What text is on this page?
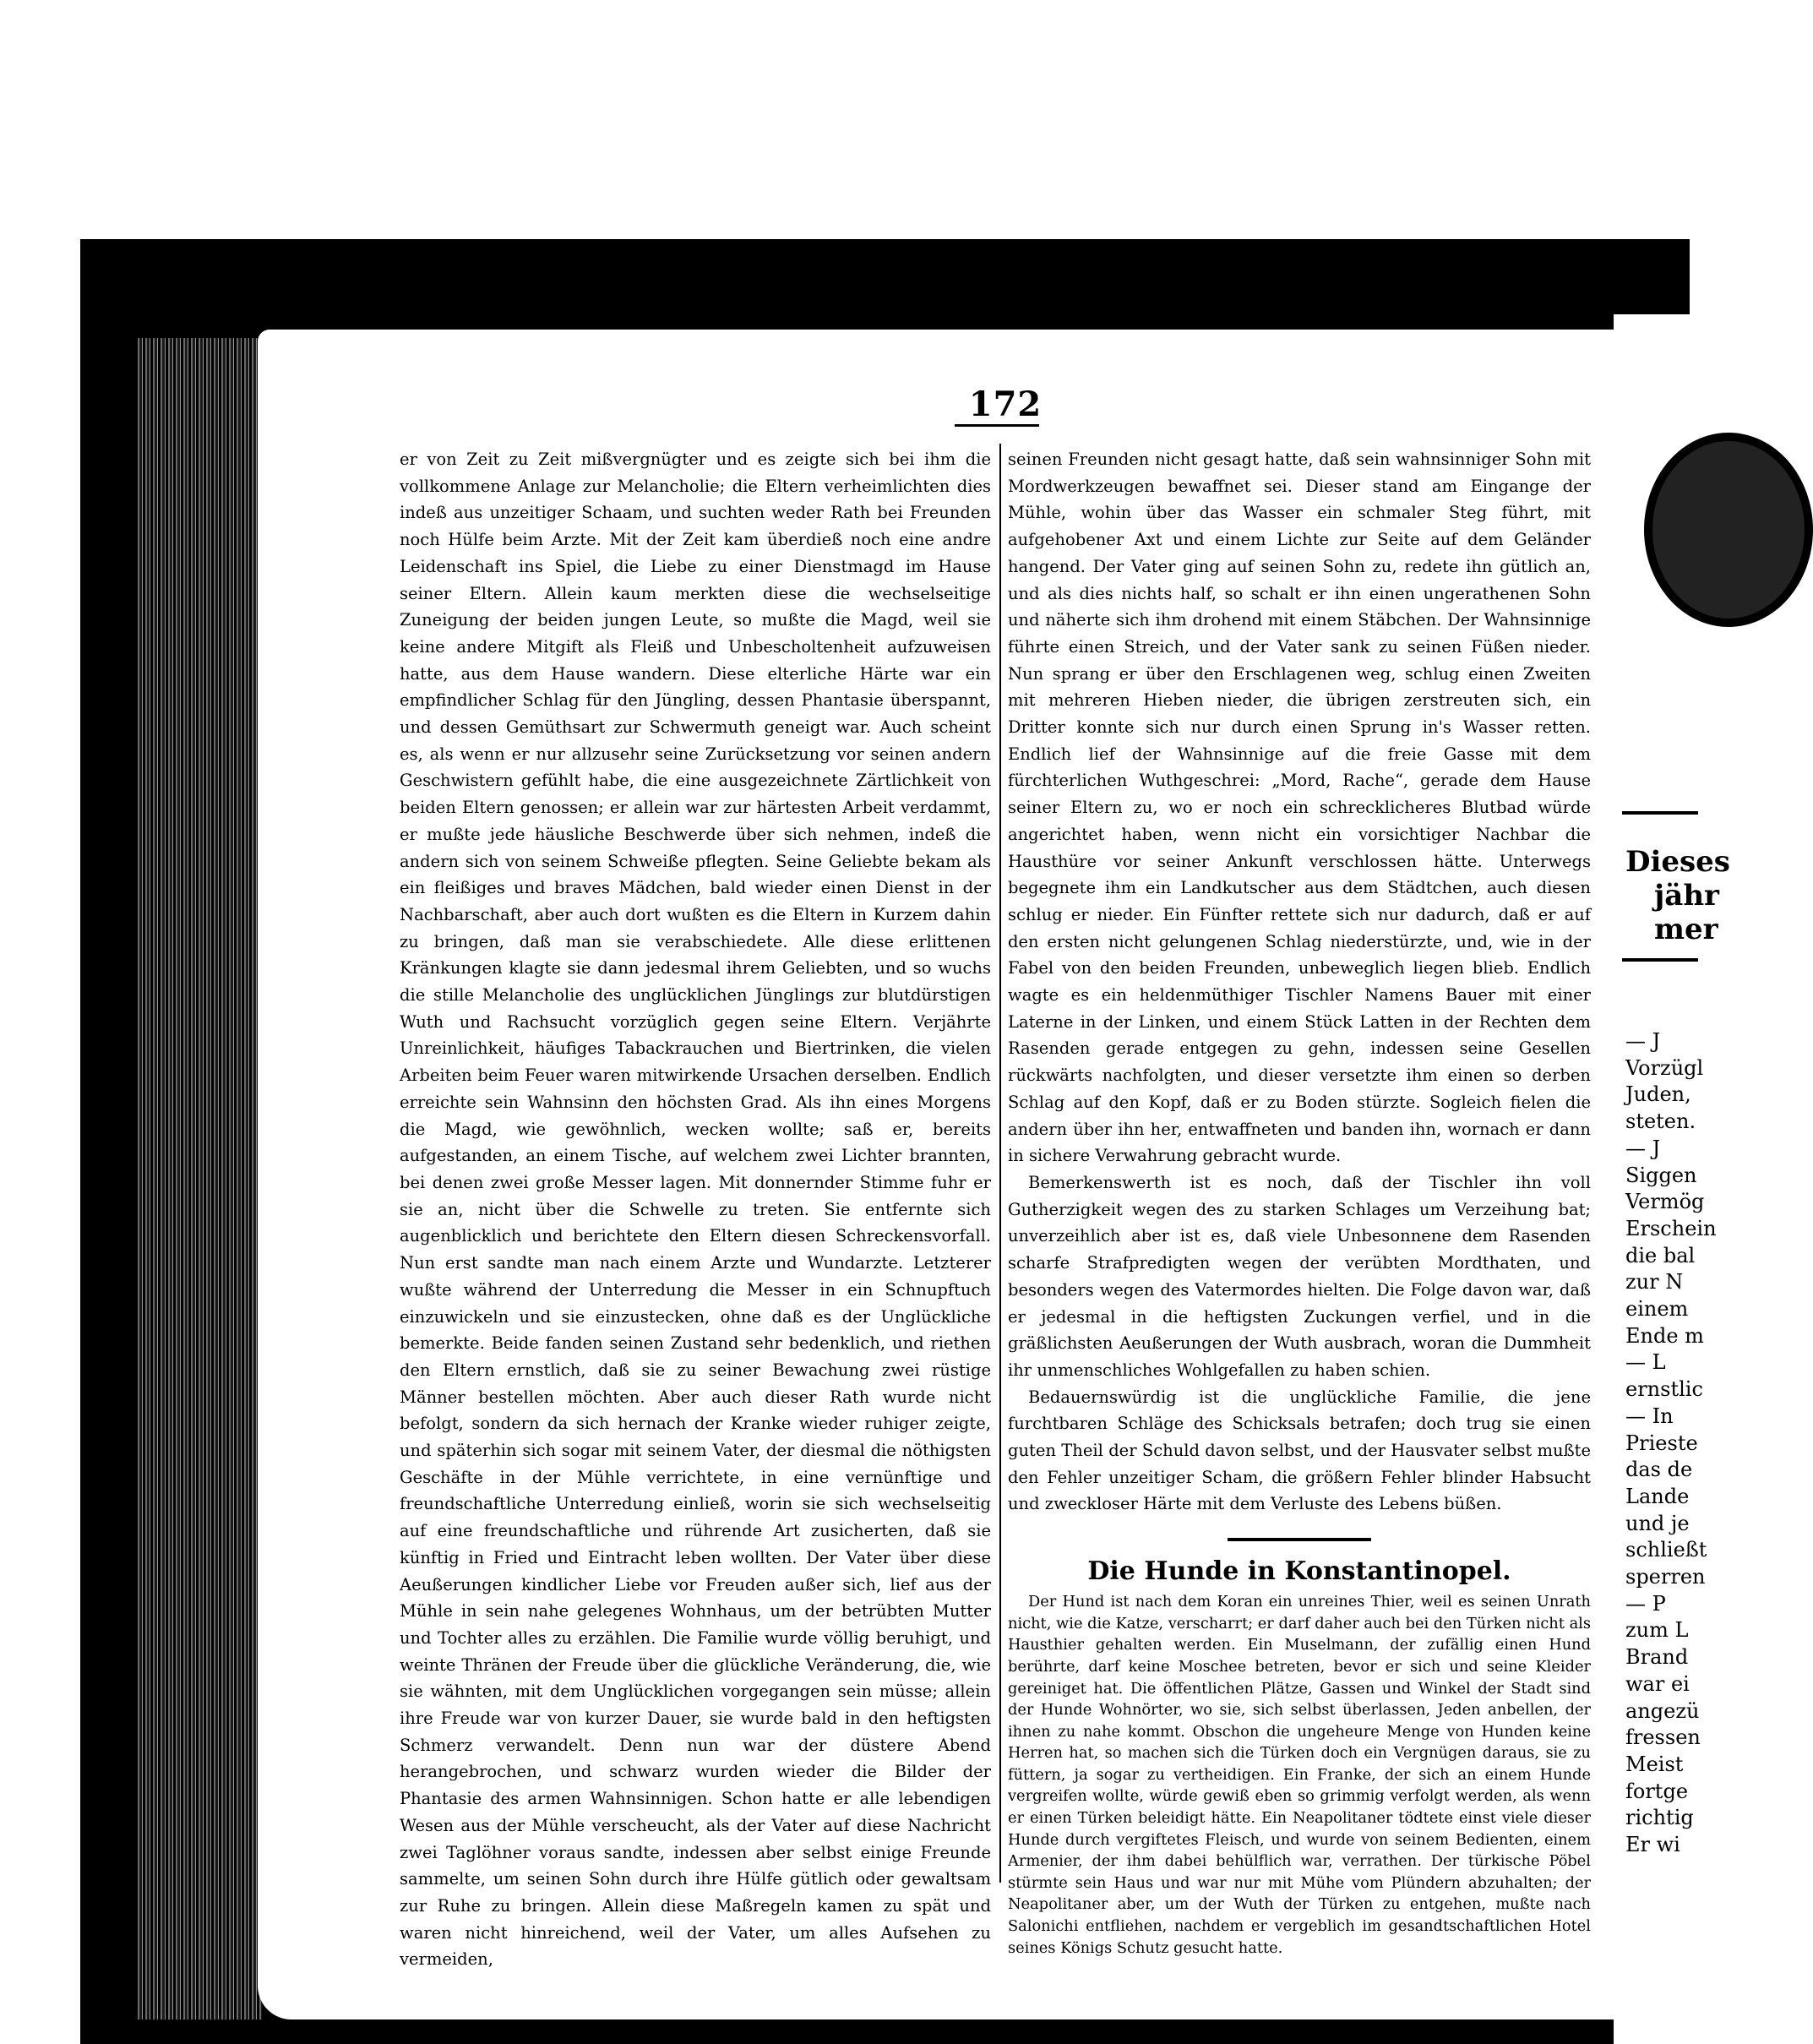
Dieses
jähr
mer
— J
Vorzügl
Juden,
steten.
— J
Siggen
Vermög
Erschein
die bal
zur N
einem
Ende m
— L
ernstlic
— In
Prieste
das de
Lande
und je
schließt
sperren
— P
zum L
Brand
war ei
angezü
fressen
Meist
fortge
richtig
Er wi
172

er von Zeit zu Zeit mißvergnügter und es zeigte sich bei ihm die vollkommene Anlage zur Melancholie; die Eltern verheimlichten dies indeß aus unzeitiger Schaam, und suchten weder Rath bei Freunden noch Hülfe beim Arzte. Mit der Zeit kam überdieß noch eine andre Leidenschaft ins Spiel, die Liebe zu einer Dienstmagd im Hause seiner Eltern. Allein kaum merkten diese die wechselseitige Zuneigung der beiden jungen Leute, so mußte die Magd, weil sie keine andere Mitgift als Fleiß und Unbescholtenheit aufzuweisen hatte, aus dem Hause wandern. Diese elterliche Härte war ein empfindlicher Schlag für den Jüngling, dessen Phantasie überspannt, und dessen Gemüthsart zur Schwermuth geneigt war. Auch scheint es, als wenn er nur allzusehr seine Zurücksetzung vor seinen andern Geschwistern gefühlt habe, die eine ausgezeichnete Zärtlichkeit von beiden Eltern genossen; er allein war zur härtesten Arbeit verdammt, er mußte jede häusliche Beschwerde über sich nehmen, indeß die andern sich von seinem Schweiße pflegten. Seine Geliebte bekam als ein fleißiges und braves Mädchen, bald wieder einen Dienst in der Nachbarschaft, aber auch dort wußten es die Eltern in Kurzem dahin zu bringen, daß man sie verabschiedete. Alle diese erlittenen Kränkungen klagte sie dann jedesmal ihrem Geliebten, und so wuchs die stille Melancholie des unglücklichen Jünglings zur blutdürstigen Wuth und Rachsucht vorzüglich gegen seine Eltern. Verjährte Unreinlichkeit, häufiges Tabackrauchen und Biertrinken, die vielen Arbeiten beim Feuer waren mitwirkende Ursachen derselben. Endlich erreichte sein Wahnsinn den höchsten Grad. Als ihn eines Morgens die Magd, wie gewöhnlich, wecken wollte; saß er, bereits aufgestanden, an einem Tische, auf welchem zwei Lichter brannten, bei denen zwei große Messer lagen. Mit donnernder Stimme fuhr er sie an, nicht über die Schwelle zu treten. Sie entfernte sich augenblicklich und berichtete den Eltern diesen Schreckensvorfall. Nun erst sandte man nach einem Arzte und Wundarzte. Letzterer wußte während der Unterredung die Messer in ein Schnupftuch einzuwickeln und sie einzustecken, ohne daß es der Unglückliche bemerkte. Beide fanden seinen Zustand sehr bedenklich, und riethen den Eltern ernstlich, daß sie zu seiner Bewachung zwei rüstige Männer bestellen möchten. Aber auch dieser Rath wurde nicht befolgt, sondern da sich hernach der Kranke wieder ruhiger zeigte, und späterhin sich sogar mit seinem Vater, der diesmal die nöthigsten Geschäfte in der Mühle verrichtete, in eine vernünftige und freundschaftliche Unterredung einließ, worin sie sich wechselseitig auf eine freundschaftliche und rührende Art zusicherten, daß sie künftig in Fried und Eintracht leben wollten. Der Vater über diese Aeußerungen kindlicher Liebe vor Freuden außer sich, lief aus der Mühle in sein nahe gelegenes Wohnhaus, um der betrübten Mutter und Tochter alles zu erzählen. Die Familie wurde völlig beruhigt, und weinte Thränen der Freude über die glückliche Veränderung, die, wie sie wähnten, mit dem Unglücklichen vorgegangen sein müsse; allein ihre Freude war von kurzer Dauer, sie wurde bald in den heftigsten Schmerz verwandelt. Denn nun war der düstere Abend herangebrochen, und schwarz wurden wieder die Bilder der Phantasie des armen Wahnsinnigen. Schon hatte er alle lebendigen Wesen aus der Mühle verscheucht, als der Vater auf diese Nachricht zwei Taglöhner voraus sandte, indessen aber selbst einige Freunde sammelte, um seinen Sohn durch ihre Hülfe gütlich oder gewaltsam zur Ruhe zu bringen. Allein diese Maßregeln kamen zu spät und waren nicht hinreichend, weil der Vater, um alles Aufsehen zu vermeiden,

seinen Freunden nicht gesagt hatte, daß sein wahnsinniger Sohn mit Mordwerkzeugen bewaffnet sei. Dieser stand am Eingange der Mühle, wohin über das Wasser ein schmaler Steg führt, mit aufgehobener Axt und einem Lichte zur Seite auf dem Geländer hangend. Der Vater ging auf seinen Sohn zu, redete ihn gütlich an, und als dies nichts half, so schalt er ihn einen ungerathenen Sohn und näherte sich ihm drohend mit einem Stäbchen. Der Wahnsinnige führte einen Streich, und der Vater sank zu seinen Füßen nieder. Nun sprang er über den Erschlagenen weg, schlug einen Zweiten mit mehreren Hieben nieder, die übrigen zerstreuten sich, ein Dritter konnte sich nur durch einen Sprung in's Wasser retten. Endlich lief der Wahnsinnige auf die freie Gasse mit dem fürchterlichen Wuthgeschrei: „Mord, Rache“, gerade dem Hause seiner Eltern zu, wo er noch ein schrecklicheres Blutbad würde angerichtet haben, wenn nicht ein vorsichtiger Nachbar die Hausthüre vor seiner Ankunft verschlossen hätte. Unterwegs begegnete ihm ein Landkutscher aus dem Städtchen, auch diesen schlug er nieder. Ein Fünfter rettete sich nur dadurch, daß er auf den ersten nicht gelungenen Schlag niederstürzte, und, wie in der Fabel von den beiden Freunden, unbeweglich liegen blieb. Endlich wagte es ein heldenmüthiger Tischler Namens Bauer mit einer Laterne in der Linken, und einem Stück Latten in der Rechten dem Rasenden gerade entgegen zu gehn, indessen seine Gesellen rückwärts nachfolgten, und dieser versetzte ihm einen so derben Schlag auf den Kopf, daß er zu Boden stürzte. Sogleich fielen die andern über ihn her, entwaffneten und banden ihn, wornach er dann in sichere Verwahrung gebracht wurde.

Bemerkenswerth ist es noch, daß der Tischler ihn voll Gutherzigkeit wegen des zu starken Schlages um Verzeihung bat; unverzeihlich aber ist es, daß viele Unbesonnene dem Rasenden scharfe Strafpredigten wegen der verübten Mordthaten, und besonders wegen des Vatermordes hielten. Die Folge davon war, daß er jedesmal in die heftigsten Zuckungen verfiel, und in die gräßlichsten Aeußerungen der Wuth ausbrach, woran die Dummheit ihr unmenschliches Wohlgefallen zu haben schien.

Bedauernswürdig ist die unglückliche Familie, die jene furchtbaren Schläge des Schicksals betrafen; doch trug sie einen guten Theil der Schuld davon selbst, und der Hausvater selbst mußte den Fehler unzeitiger Scham, die größern Fehler blinder Habsucht und zweckloser Härte mit dem Verluste des Lebens büßen.

Die Hunde in Konstantinopel.

Der Hund ist nach dem Koran ein unreines Thier, weil es seinen Unrath nicht, wie die Katze, verscharrt; er darf daher auch bei den Türken nicht als Hausthier gehalten werden. Ein Muselmann, der zufällig einen Hund berührte, darf keine Moschee betreten, bevor er sich und seine Kleider gereiniget hat. Die öffentlichen Plätze, Gassen und Winkel der Stadt sind der Hunde Wohnörter, wo sie, sich selbst überlassen, Jeden anbellen, der ihnen zu nahe kommt. Obschon die ungeheure Menge von Hunden keine Herren hat, so machen sich die Türken doch ein Vergnügen daraus, sie zu füttern, ja sogar zu vertheidigen. Ein Franke, der sich an einem Hunde vergreifen wollte, würde gewiß eben so grimmig verfolgt werden, als wenn er einen Türken beleidigt hätte. Ein Neapolitaner tödtete einst viele dieser Hunde durch vergiftetes Fleisch, und wurde von seinem Bedienten, einem Armenier, der ihm dabei behülflich war, verrathen. Der türkische Pöbel stürmte sein Haus und war nur mit Mühe vom Plündern abzuhalten; der Neapolitaner aber, um der Wuth der Türken zu entgehen, mußte nach Salonichi entfliehen, nachdem er vergeblich im gesandtschaftlichen Hotel seines Königs Schutz gesucht hatte.
